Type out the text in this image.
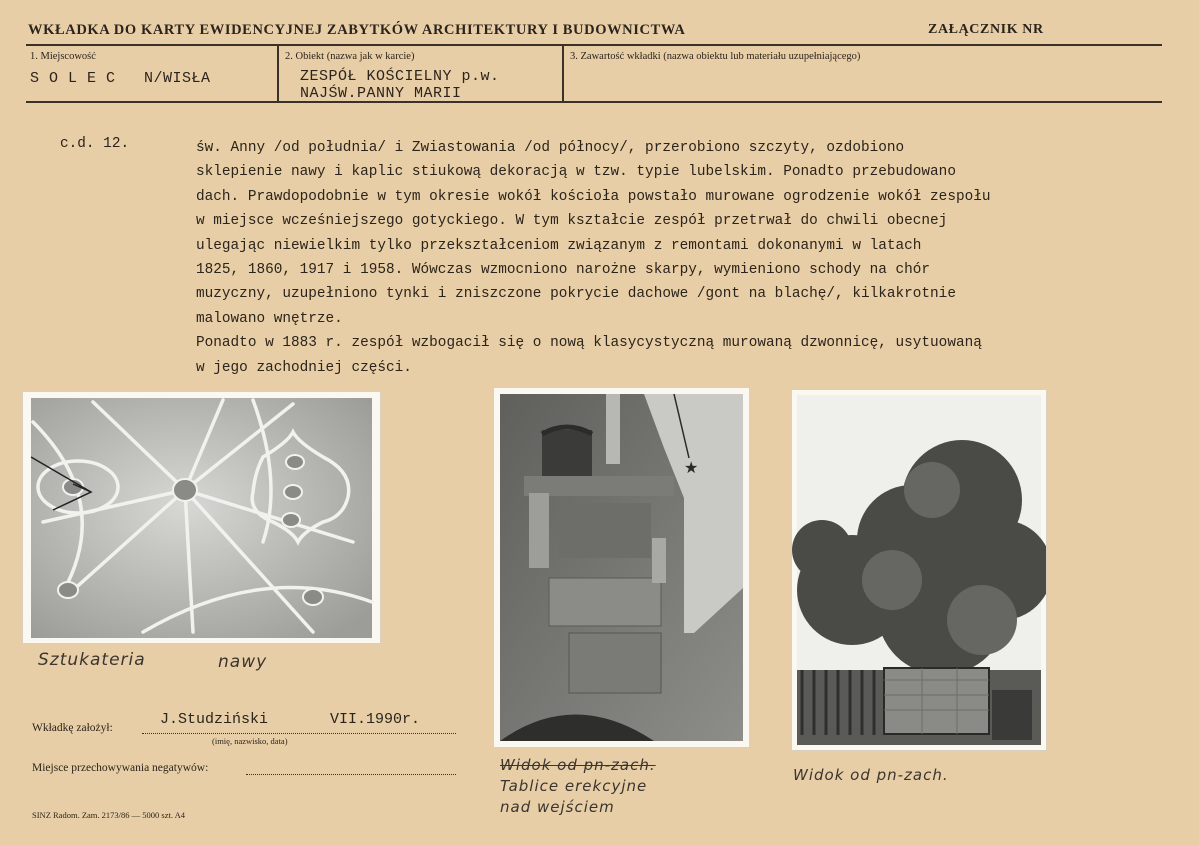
WKŁADKA DO KARTY EWIDENCYJNEJ ZABYTKÓW ARCHITEKTURY I BUDOWNICTWA	ZAŁĄCZNIK NR
1. Miejscowość
S O L E C   N/WISŁA
2. Obiekt (nazwa jak w karcie)
ZESPÓŁ KOŚCIELNY p.w.
NAJŚW.PANNY MARII
3. Zawartość wkładki (nazwa obiektu lub materiału uzupełniającego)
c.d. 12.	św. Anny /od południa/ i Zwiastowania /od północy/, przerobiono szczyty, ozdobiono
sklepienie nawy i kaplic stiukową dekoracją w tzw. typie lubelskim. Ponadto przebudowano
dach. Prawdopodobnie w tym okresie wokół kościoła powstało murowane ogrodzenie wokół zespołu
w miejsce wcześniejszego gotyckiego. W tym kształcie zespół przetrwał do chwili obecnej
ulegając niewielkim tylko przekształceniom związanym z remontami dokonanymi w latach
1825, 1860, 1917 i 1958. Wówczas wzmocniono narożne skarpy, wymieniono schody na chór
muzyczny, uzupełniono tynki i zniszczone pokrycie dachowe /gont na blachę/, kilkakrotnie
malowano wnętrze.
Ponadto w 1883 r. zespół wzbogacił się o nową klasycystyczną murowaną dzwonnicę, usytuowaną
w jego zachodniej części.
Sztukateria	nawy
★
Widok od pn-zach.
Tablice erekcyjne
nad wejściem
Widok od pn-zach.
Wkładkę założył:	J.Studziński	VII.1990r.
(imię, nazwisko, data)
Miejsce przechowywania negatywów:
SINZ Radom. Zam. 2173/86 — 5000 szt. A4
